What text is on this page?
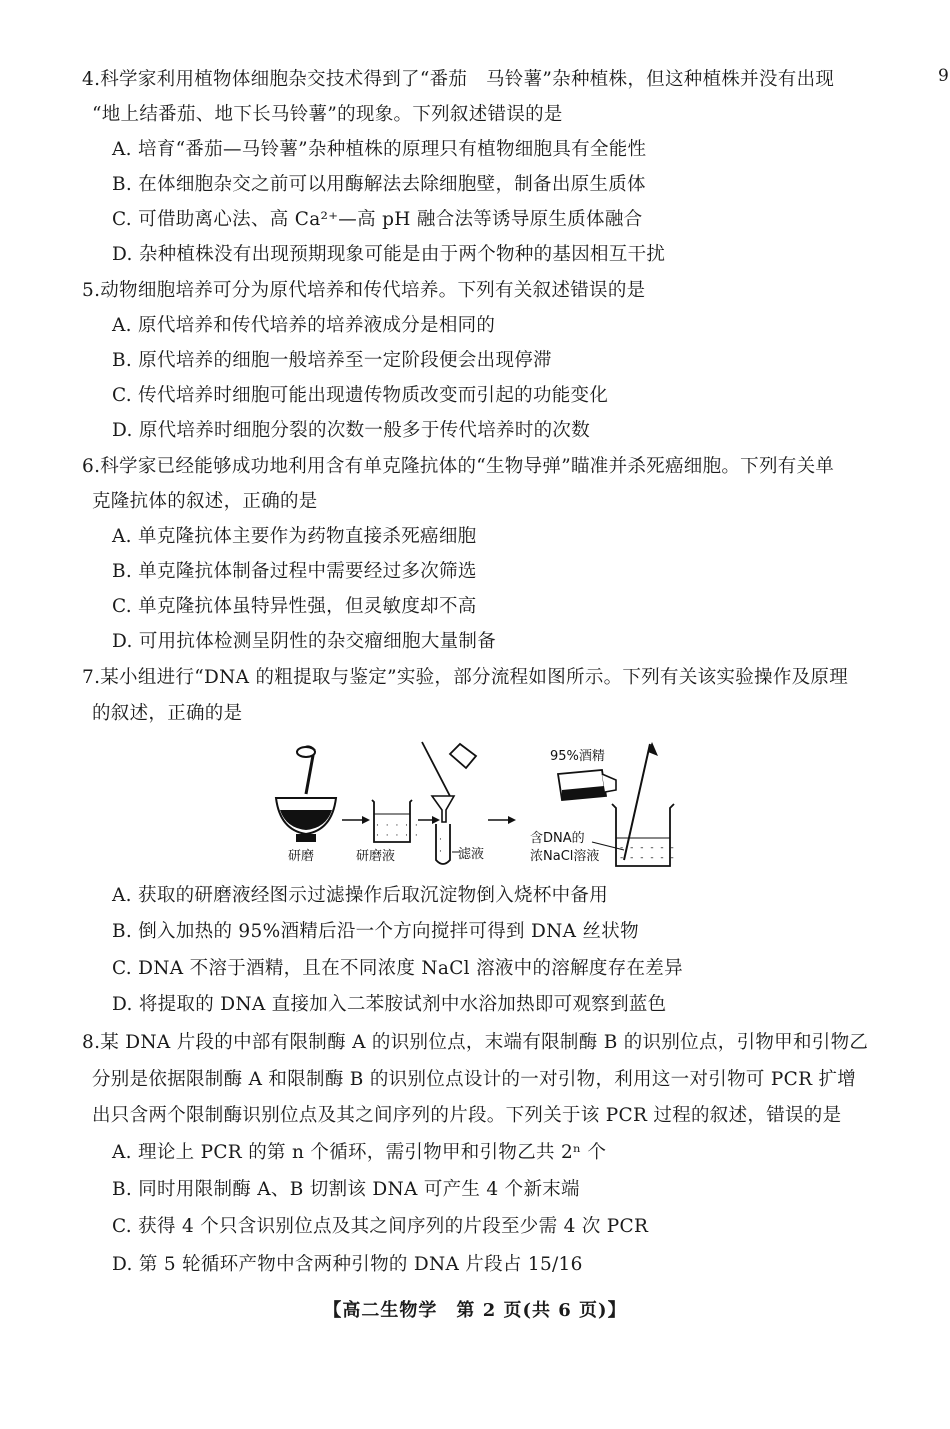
9
4.科学家利用植物体细胞杂交技术得到了“番茄　马铃薯”杂种植株，但这种植株并没有出现
“地上结番茄、地下长马铃薯”的现象。下列叙述错误的是
A. 培育“番茄—马铃薯”杂种植株的原理只有植物细胞具有全能性
B. 在体细胞杂交之前可以用酶解法去除细胞壁，制备出原生质体
C. 可借助离心法、高 Ca²⁺—高 pH 融合法等诱导原生质体融合
D. 杂种植株没有出现预期现象可能是由于两个物种的基因相互干扰
5.动物细胞培养可分为原代培养和传代培养。下列有关叙述错误的是
A. 原代培养和传代培养的培养液成分是相同的
B. 原代培养的细胞一般培养至一定阶段便会出现停滞
C. 传代培养时细胞可能出现遗传物质改变而引起的功能变化
D. 原代培养时细胞分裂的次数一般多于传代培养时的次数
6.科学家已经能够成功地利用含有单克隆抗体的“生物导弹”瞄准并杀死癌细胞。下列有关单
克隆抗体的叙述，正确的是
A. 单克隆抗体主要作为药物直接杀死癌细胞
B. 单克隆抗体制备过程中需要经过多次筛选
C. 单克隆抗体虽特异性强，但灵敏度却不高
D. 可用抗体检测呈阴性的杂交瘤细胞大量制备
7.某小组进行“DNA 的粗提取与鉴定”实验，部分流程如图所示。下列有关该实验操作及原理
的叙述，正确的是
研磨
· · · · ·
· · · · ·
研磨液
·
· 滤液
95%酒精
- - - - - -
- - - - - -
含DNA的
浓NaCl溶液
A. 获取的研磨液经图示过滤操作后取沉淀物倒入烧杯中备用
B. 倒入加热的 95%酒精后沿一个方向搅拌可得到 DNA 丝状物
C. DNA 不溶于酒精，且在不同浓度 NaCl 溶液中的溶解度存在差异
D. 将提取的 DNA 直接加入二苯胺试剂中水浴加热即可观察到蓝色
8.某 DNA 片段的中部有限制酶 A 的识别位点，末端有限制酶 B 的识别位点，引物甲和引物乙
分别是依据限制酶 A 和限制酶 B 的识别位点设计的一对引物，利用这一对引物可 PCR 扩增
出只含两个限制酶识别位点及其之间序列的片段。下列关于该 PCR 过程的叙述，错误的是
A. 理论上 PCR 的第 n 个循环，需引物甲和引物乙共 2ⁿ 个
B. 同时用限制酶 A、B 切割该 DNA 可产生 4 个新末端
C. 获得 4 个只含识别位点及其之间序列的片段至少需 4 次 PCR
D. 第 5 轮循环产物中含两种引物的 DNA 片段占 15/16
【高二生物学　第 2 页(共 6 页)】
